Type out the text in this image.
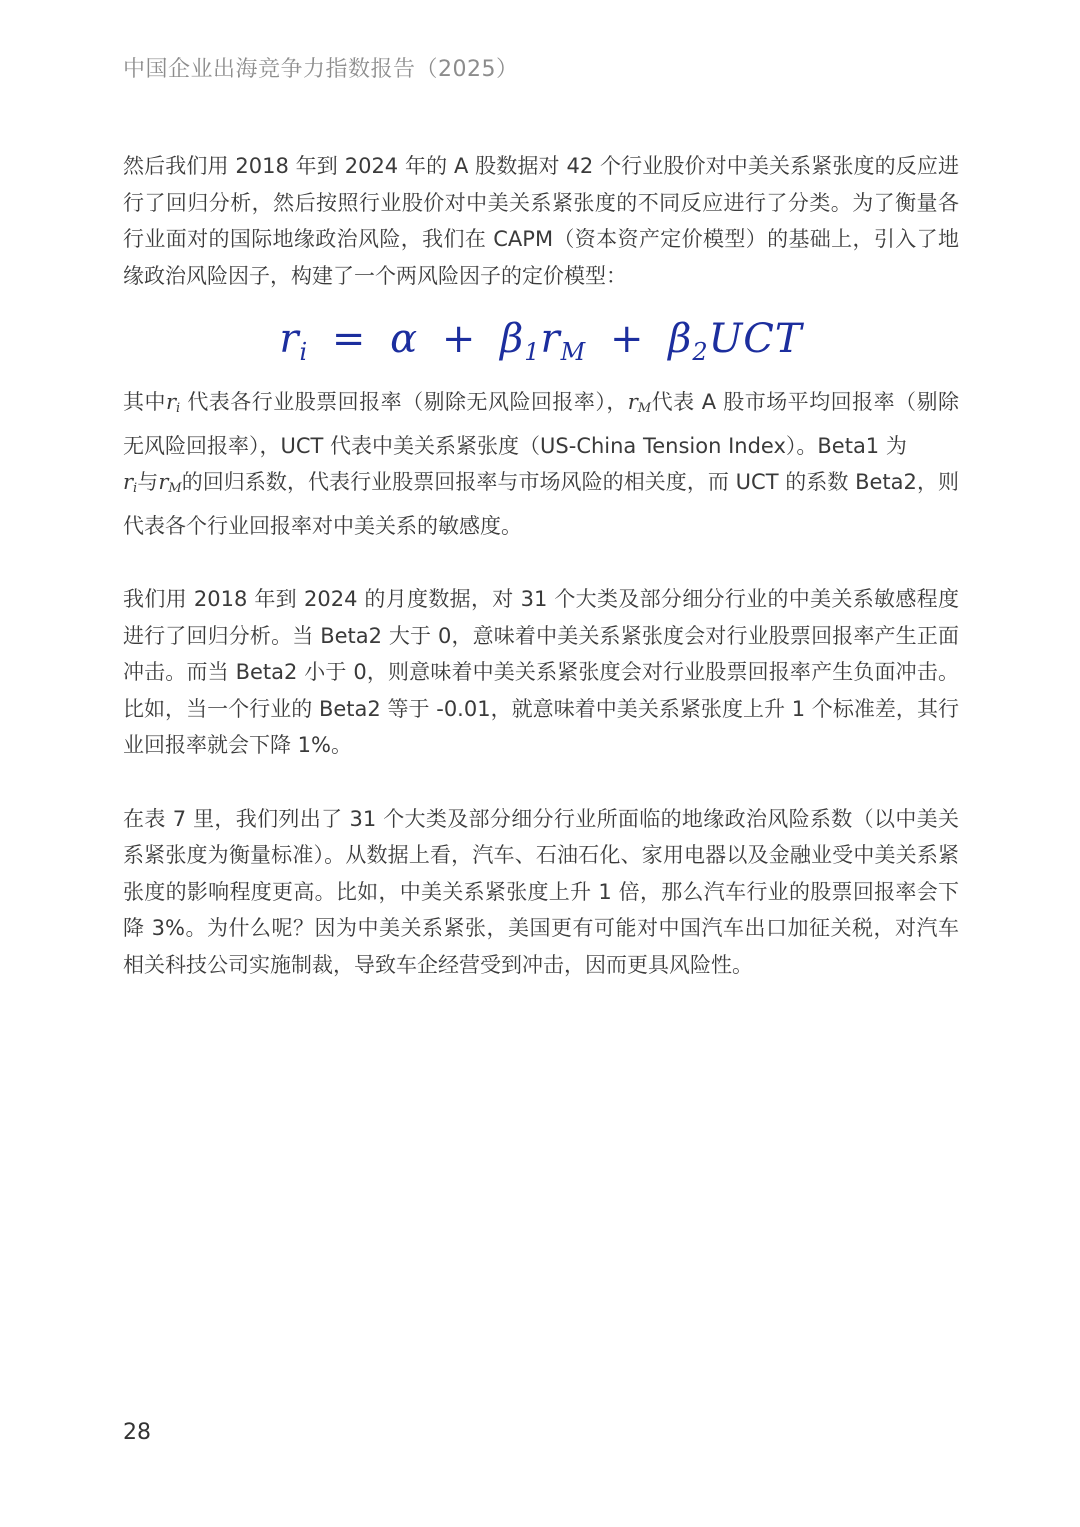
中国企业出海竞争力指数报告（2025）

然后我们用 2018 年到 2024 年的 A 股数据对 42 个行业股价对中美关系紧张度的反应进行了回归分析，然后按照行业股价对中美关系紧张度的不同反应进行了分类。为了衡量各行业面对的国际地缘政治风险，我们在 CAPM（资本资产定价模型）的基础上，引入了地缘政治风险因子，构建了一个两风险因子的定价模型：

$r_i = \alpha + \beta_1r_M + \beta_2UCT$

其中$r_i$ 代表各行业股票回报率（剔除无风险回报率），$r_M$代表 A 股市场平均回报率（剔除无风险回报率），UCT 代表中美关系紧张度（US-China Tension Index）。Beta1 为
$r_i$与$r_M$的回归系数，代表行业股票回报率与市场风险的相关度，而 UCT 的系数 Beta2，则代表各个行业回报率对中美关系的敏感度。

我们用 2018 年到 2024 的月度数据，对 31 个大类及部分细分行业的中美关系敏感程度进行了回归分析。当 Beta2 大于 0，意味着中美关系紧张度会对行业股票回报率产生正面冲击。而当 Beta2 小于 0，则意味着中美关系紧张度会对行业股票回报率产生负面冲击。比如，当一个行业的 Beta2 等于 -0.01，就意味着中美关系紧张度上升 1 个标准差，其行业回报率就会下降 1%。

在表 7 里，我们列出了 31 个大类及部分细分行业所面临的地缘政治风险系数（以中美关系紧张度为衡量标准）。从数据上看，汽车、石油石化、家用电器以及金融业受中美关系紧张度的影响程度更高。比如，中美关系紧张度上升 1 倍，那么汽车行业的股票回报率会下降 3%。为什么呢？因为中美关系紧张，美国更有可能对中国汽车出口加征关税，对汽车相关科技公司实施制裁，导致车企经营受到冲击，因而更具风险性。

28
